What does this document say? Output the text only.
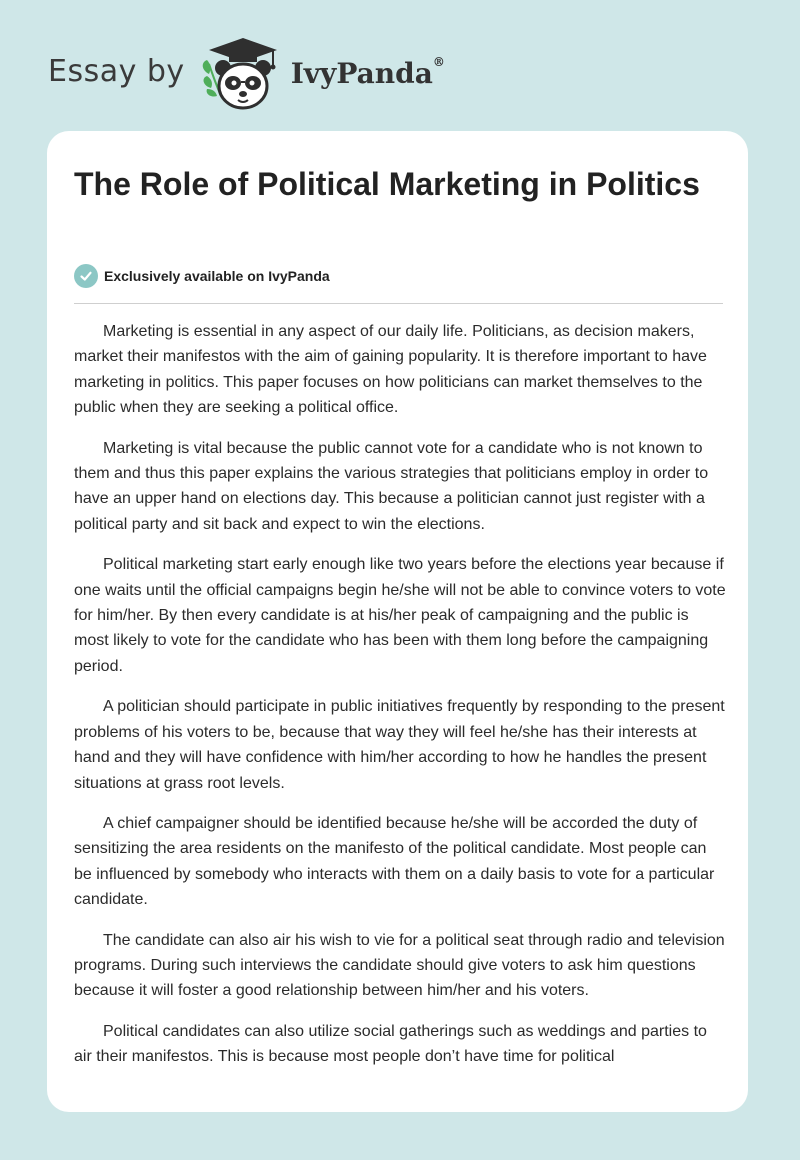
Essay by	IvyPanda®
The Role of Political Marketing in Politics
Exclusively available on IvyPanda

Marketing is essential in any aspect of our daily life. Politicians, as decision makers, market their manifestos with the aim of gaining popularity. It is therefore important to have marketing in politics. This paper focuses on how politicians can market themselves to the public when they are seeking a political office.

Marketing is vital because the public cannot vote for a candidate who is not known to them and thus this paper explains the various strategies that politicians employ in order to have an upper hand on elections day. This because a politician cannot just register with a political party and sit back and expect to win the elections.

Political marketing start early enough like two years before the elections year because if one waits until the official campaigns begin he/she will not be able to convince voters to vote for him/her. By then every candidate is at his/her peak of campaigning and the public is most likely to vote for the candidate who has been with them long before the campaigning period.

A politician should participate in public initiatives frequently by responding to the present problems of his voters to be, because that way they will feel he/she has their interests at hand and they will have confidence with him/her according to how he handles the present situations at grass root levels.

A chief campaigner should be identified because he/she will be accorded the duty of sensitizing the area residents on the manifesto of the political candidate. Most people can be influenced by somebody who interacts with them on a daily basis to vote for a particular candidate.

The candidate can also air his wish to vie for a political seat through radio and television programs. During such interviews the candidate should give voters to ask him questions because it will foster a good relationship between him/her and his voters.

Political candidates can also utilize social gatherings such as weddings and parties to air their manifestos. This is because most people don’t have time for political
